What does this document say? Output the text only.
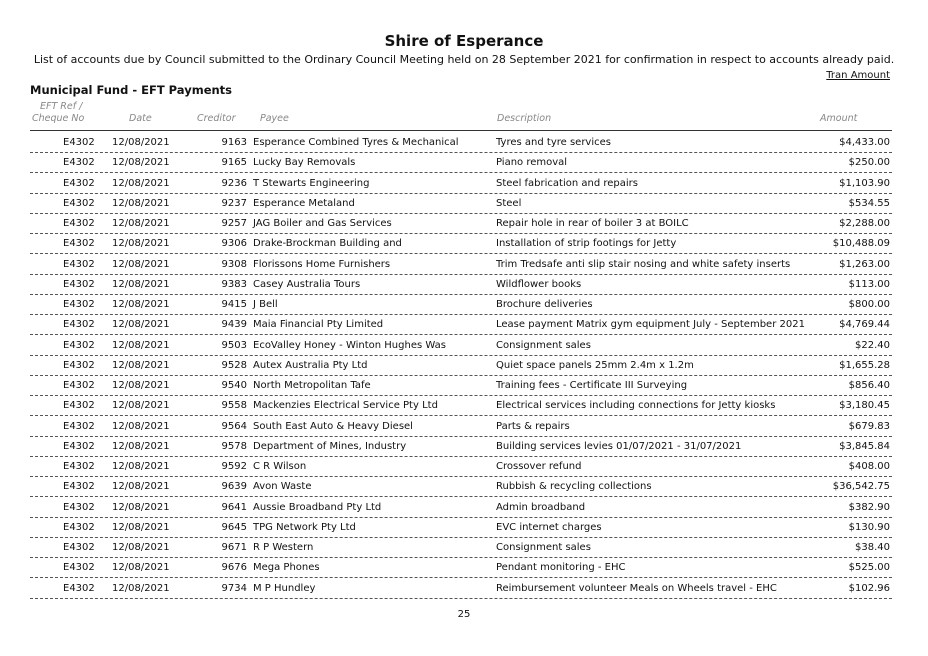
Shire of Esperance
List of accounts due by Council submitted to the Ordinary Council Meeting held on 28 September 2021 for confirmation in respect to accounts already paid.
Tran Amount
Municipal Fund - EFT Payments
EFT Ref /
Cheque No	Date	Creditor	Payee	Description	Amount
E4302 12/08/2021	9163 Esperance Combined Tyres & Mechanical	Tyres and tyre services	$4,433.00
E4302 12/08/2021	9165 Lucky Bay Removals	Piano removal	$250.00
E4302 12/08/2021	9236 T Stewarts Engineering	Steel fabrication and repairs	$1,103.90
E4302 12/08/2021	9237 Esperance Metaland	Steel	$534.55
E4302 12/08/2021	9257 JAG Boiler and Gas Services	Repair hole in rear of boiler 3 at BOILC	$2,288.00
E4302 12/08/2021	9306 Drake-Brockman Building and	Installation of strip footings for Jetty	$10,488.09
E4302 12/08/2021	9308 Florissons Home Furnishers	Trim Tredsafe anti slip stair nosing and white safety inserts	$1,263.00
E4302 12/08/2021	9383 Casey Australia Tours	Wildflower books	$113.00
E4302 12/08/2021	9415 J Bell	Brochure deliveries	$800.00
E4302 12/08/2021	9439 Maia Financial Pty Limited	Lease payment Matrix gym equipment July - September 2021	$4,769.44
E4302 12/08/2021	9503 EcoValley Honey - Winton Hughes Was	Consignment sales	$22.40
E4302 12/08/2021	9528 Autex Australia Pty Ltd	Quiet space panels 25mm 2.4m x 1.2m	$1,655.28
E4302 12/08/2021	9540 North Metropolitan Tafe	Training fees - Certificate III Surveying	$856.40
E4302 12/08/2021	9558 Mackenzies Electrical Service Pty Ltd	Electrical services including connections for Jetty kiosks	$3,180.45
E4302 12/08/2021	9564 South East Auto & Heavy Diesel	Parts & repairs	$679.83
E4302 12/08/2021	9578 Department of Mines, Industry	Building services levies 01/07/2021 - 31/07/2021	$3,845.84
E4302 12/08/2021	9592 C R Wilson	Crossover refund	$408.00
E4302 12/08/2021	9639 Avon Waste	Rubbish & recycling collections	$36,542.75
E4302 12/08/2021	9641 Aussie Broadband Pty Ltd	Admin broadband	$382.90
E4302 12/08/2021	9645 TPG Network Pty Ltd	EVC internet charges	$130.90
E4302 12/08/2021	9671 R P Western	Consignment sales	$38.40
E4302 12/08/2021	9676 Mega Phones	Pendant monitoring - EHC	$525.00
E4302 12/08/2021	9734 M P Hundley	Reimbursement volunteer Meals on Wheels travel - EHC	$102.96
25
